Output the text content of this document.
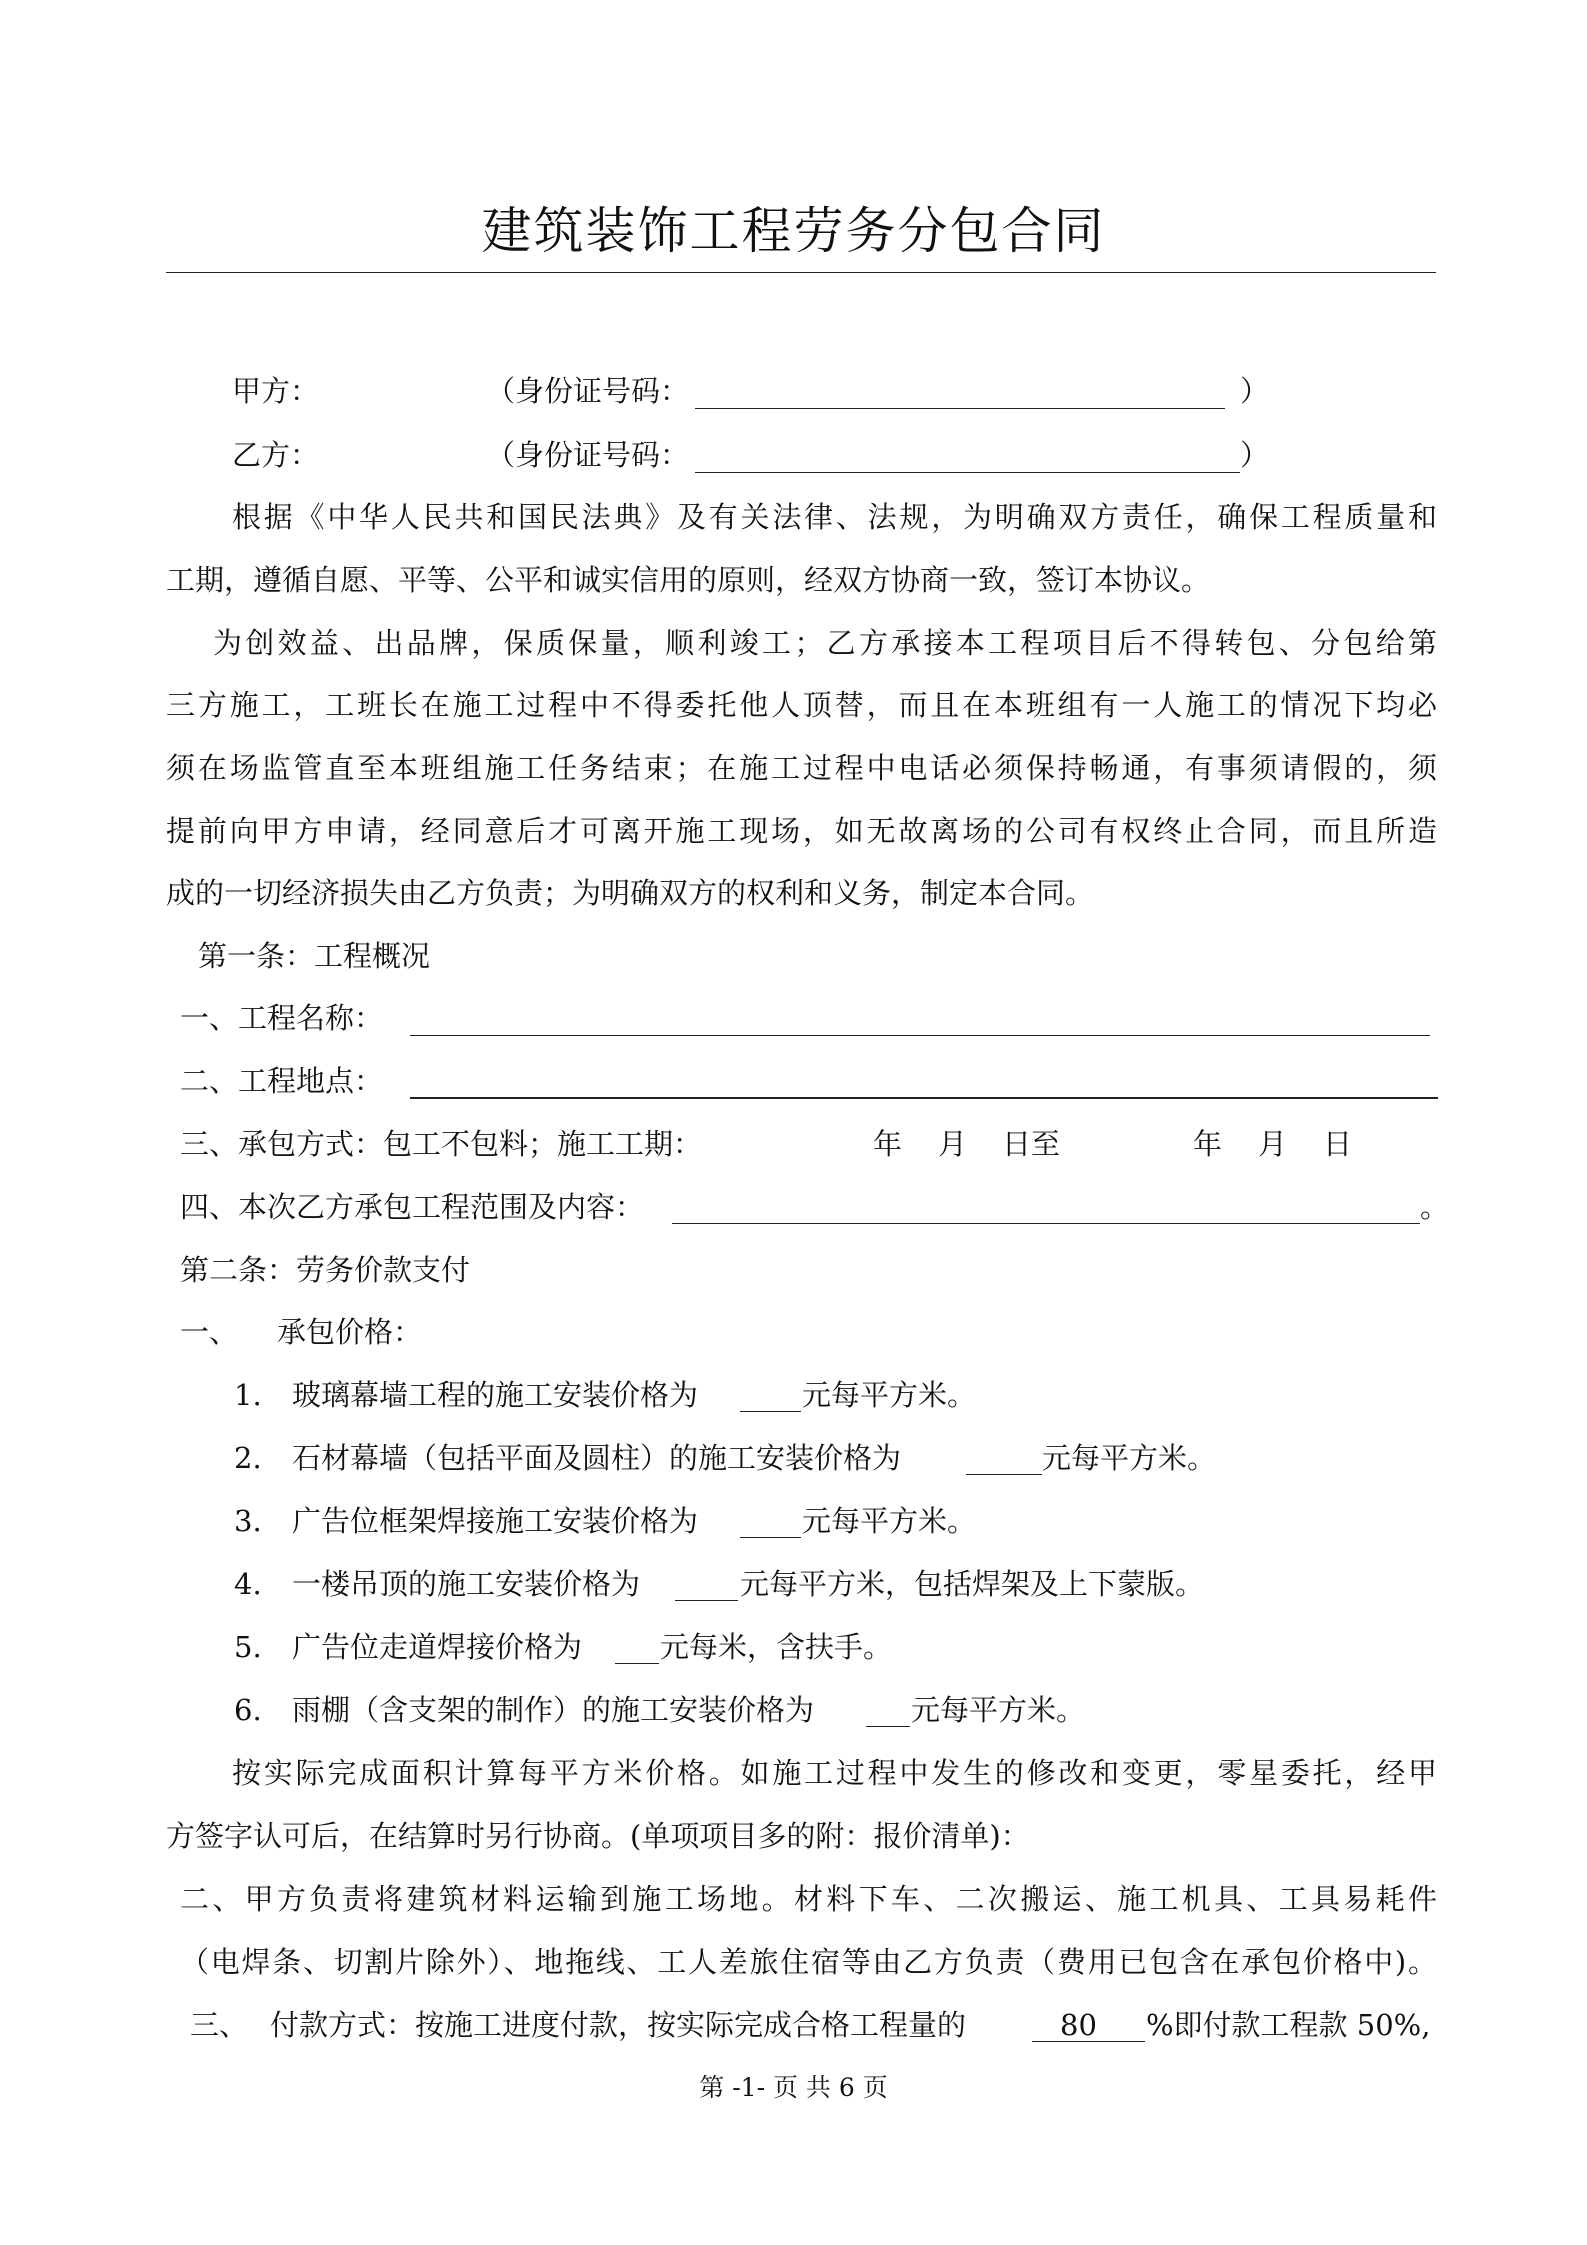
建筑装饰工程劳务分包合同
甲方：	（身份证号码：	）
乙方：	（身份证号码：	）
根据《中华人民共和国民法典》及有关法律、法规，为明确双方责任，确保工程质量和
工期，遵循自愿、平等、公平和诚实信用的原则，经双方协商一致，签订本协议。
为创效益、出品牌，保质保量，顺利竣工；乙方承接本工程项目后不得转包、分包给第
三方施工，工班长在施工过程中不得委托他人顶替，而且在本班组有一人施工的情况下均必
须在场监管直至本班组施工任务结束；在施工过程中电话必须保持畅通，有事须请假的，须
提前向甲方申请，经同意后才可离开施工现场，如无故离场的公司有权终止合同，而且所造
成的一切经济损失由乙方负责；为明确双方的权利和义务，制定本合同。
第一条：工程概况
一、工程名称：
二、工程地点：
三、承包方式：包工不包料；施工工期：	年 月 日至	年 月 日
四、本次乙方承包工程范围及内容：	。
第二条：劳务价款支付
一、 承包价格：
1. 玻璃幕墙工程的施工安装价格为	元每平方米。
2. 石材幕墙（包括平面及圆柱）的施工安装价格为	元每平方米。
3. 广告位框架焊接施工安装价格为	元每平方米。
4. 一楼吊顶的施工安装价格为	元每平方米，包括焊架及上下蒙版。
5. 广告位走道焊接价格为	元每米，含扶手。
6. 雨棚（含支架的制作）的施工安装价格为	元每平方米。
按实际完成面积计算每平方米价格。如施工过程中发生的修改和变更，零星委托，经甲
方签字认可后，在结算时另行协商。(单项项目多的附：报价清单)：
二、甲方负责将建筑材料运输到施工场地。材料下车、二次搬运、施工机具、工具易耗件
（电焊条、切割片除外）、地拖线、工人差旅住宿等由乙方负责（费用已包含在承包价格中)。
三、 付款方式：按施工进度付款，按实际完成合格工程量的	80 %即付款工程款 50%,
第 -1- 页 共 6 页
